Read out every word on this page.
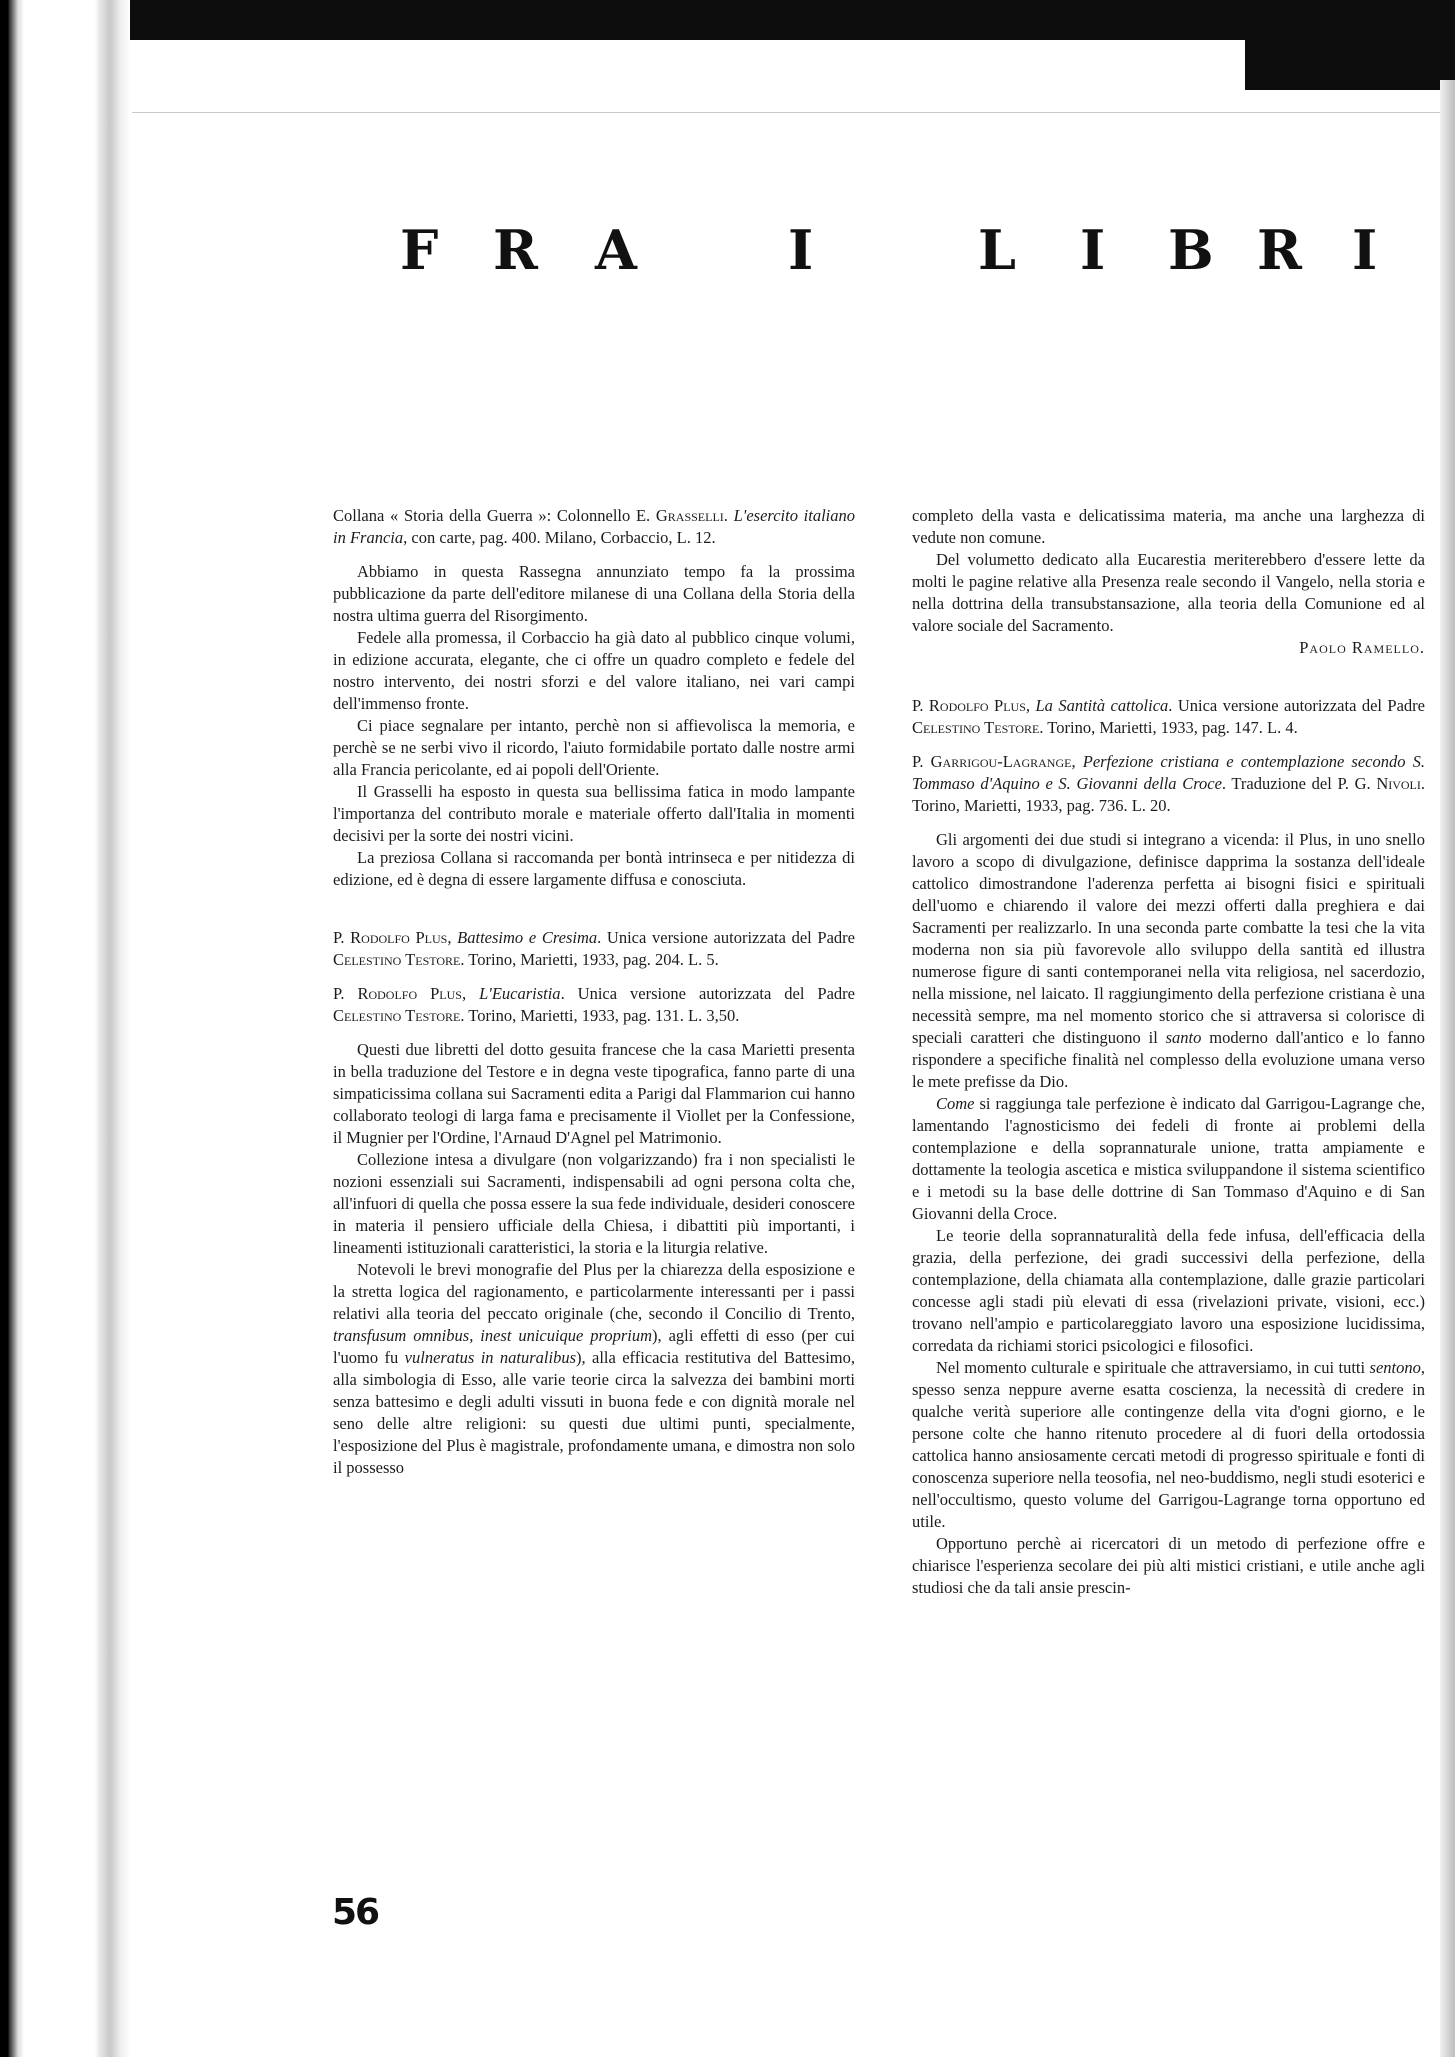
F R A	I	L I B R I

Collana « Storia della Guerra »: Colonnello E. Grasselli. L'esercito italiano in Francia, con carte, pag. 400. Milano, Corbaccio, L. 12.

Abbiamo in questa Rassegna annunziato tempo fa la prossima pubblicazione da parte dell'editore milanese di una Collana della Storia della nostra ultima guerra del Risorgimento.

Fedele alla promessa, il Corbaccio ha già dato al pubblico cinque volumi, in edizione accurata, elegante, che ci offre un quadro completo e fedele del nostro intervento, dei nostri sforzi e del valore italiano, nei vari campi dell'immenso fronte.

Ci piace segnalare per intanto, perchè non si affievolisca la memoria, e perchè se ne serbi vivo il ricordo, l'aiuto formidabile portato dalle nostre armi alla Francia pericolante, ed ai popoli dell'Oriente.

Il Grasselli ha esposto in questa sua bellissima fatica in modo lampante l'importanza del contributo morale e materiale offerto dall'Italia in momenti decisivi per la sorte dei nostri vicini.

La preziosa Collana si raccomanda per bontà intrinseca e per nitidezza di edizione, ed è degna di essere largamente diffusa e conosciuta.

P. Rodolfo Plus, Battesimo e Cresima. Unica versione autorizzata del Padre Celestino Testore. Torino, Marietti, 1933, pag. 204. L. 5.

P. Rodolfo Plus, L'Eucaristia. Unica versione autorizzata del Padre Celestino Testore. Torino, Marietti, 1933, pag. 131. L. 3,50.

Questi due libretti del dotto gesuita francese che la casa Marietti presenta in bella traduzione del Testore e in degna veste tipografica, fanno parte di una simpaticissima collana sui Sacramenti edita a Parigi dal Flammarion cui hanno collaborato teologi di larga fama e precisamente il Viollet per la Confessione, il Mugnier per l'Ordine, l'Arnaud D'Agnel pel Matrimonio.

Collezione intesa a divulgare (non volgarizzando) fra i non specialisti le nozioni essenziali sui Sacramenti, indispensabili ad ogni persona colta che, all'infuori di quella che possa essere la sua fede individuale, desideri conoscere in materia il pensiero ufficiale della Chiesa, i dibattiti più importanti, i lineamenti istituzionali caratteristici, la storia e la liturgia relative.

Notevoli le brevi monografie del Plus per la chiarezza della esposizione e la stretta logica del ragionamento, e particolarmente interessanti per i passi relativi alla teoria del peccato originale (che, secondo il Concilio di Trento, transfusum omnibus, inest unicuique proprium), agli effetti di esso (per cui l'uomo fu vulneratus in naturalibus), alla efficacia restitutiva del Battesimo, alla simbologia di Esso, alle varie teorie circa la salvezza dei bambini morti senza battesimo e degli adulti vissuti in buona fede e con dignità morale nel seno delle altre religioni: su questi due ultimi punti, specialmente, l'esposizione del Plus è magistrale, profondamente umana, e dimostra non solo il possesso

completo della vasta e delicatissima materia, ma anche una larghezza di vedute non comune.

Del volumetto dedicato alla Eucarestia meriterebbero d'essere lette da molti le pagine relative alla Presenza reale secondo il Vangelo, nella storia e nella dottrina della transubstansazione, alla teoria della Comunione ed al valore sociale del Sacramento.

Paolo Ramello.

P. Rodolfo Plus, La Santità cattolica. Unica versione autorizzata del Padre Celestino Testore. Torino, Marietti, 1933, pag. 147. L. 4.

P. Garrigou-Lagrange, Perfezione cristiana e contemplazione secondo S. Tommaso d'Aquino e S. Giovanni della Croce. Traduzione del P. G. Nivoli. Torino, Marietti, 1933, pag. 736. L. 20.

Gli argomenti dei due studi si integrano a vicenda: il Plus, in uno snello lavoro a scopo di divulgazione, definisce dapprima la sostanza dell'ideale cattolico dimostrandone l'aderenza perfetta ai bisogni fisici e spirituali dell'uomo e chiarendo il valore dei mezzi offerti dalla preghiera e dai Sacramenti per realizzarlo. In una seconda parte combatte la tesi che la vita moderna non sia più favorevole allo sviluppo della santità ed illustra numerose figure di santi contemporanei nella vita religiosa, nel sacerdozio, nella missione, nel laicato. Il raggiungimento della perfezione cristiana è una necessità sempre, ma nel momento storico che si attraversa si colorisce di speciali caratteri che distinguono il santo moderno dall'antico e lo fanno rispondere a specifiche finalità nel complesso della evoluzione umana verso le mete prefisse da Dio.

Come si raggiunga tale perfezione è indicato dal Garrigou-Lagrange che, lamentando l'agnosticismo dei fedeli di fronte ai problemi della contemplazione e della soprannaturale unione, tratta ampiamente e dottamente la teologia ascetica e mistica sviluppandone il sistema scientifico e i metodi su la base delle dottrine di San Tommaso d'Aquino e di San Giovanni della Croce.

Le teorie della soprannaturalità della fede infusa, dell'efficacia della grazia, della perfezione, dei gradi successivi della perfezione, della contemplazione, della chiamata alla contemplazione, dalle grazie particolari concesse agli stadi più elevati di essa (rivelazioni private, visioni, ecc.) trovano nell'ampio e particolareggiato lavoro una esposizione lucidissima, corredata da richiami storici psicologici e filosofici.

Nel momento culturale e spirituale che attraversiamo, in cui tutti sentono, spesso senza neppure averne esatta coscienza, la necessità di credere in qualche verità superiore alle contingenze della vita d'ogni giorno, e le persone colte che hanno ritenuto procedere al di fuori della ortodossia cattolica hanno ansiosamente cercati metodi di progresso spirituale e fonti di conoscenza superiore nella teosofia, nel neo-buddismo, negli studi esoterici e nell'occultismo, questo volume del Garrigou-Lagrange torna opportuno ed utile.

Opportuno perchè ai ricercatori di un metodo di perfezione offre e chiarisce l'esperienza secolare dei più alti mistici cristiani, e utile anche agli studiosi che da tali ansie prescin-

56
